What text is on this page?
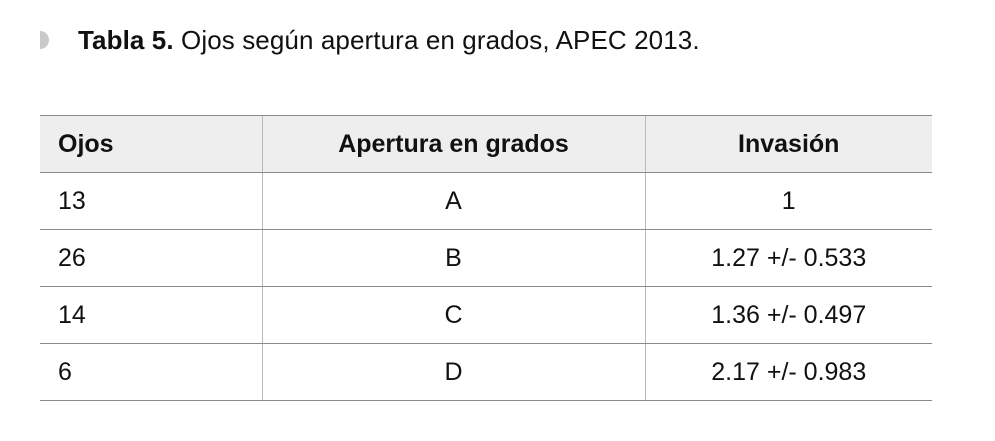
Tabla 5.
Ojos según apertura en grados, APEC 2013.
Ojos	Apertura en grados	Invasión
13	A	1
26	B	1.27 +/- 0.533
14	C	1.36 +/- 0.497
6	D	2.17 +/- 0.983
